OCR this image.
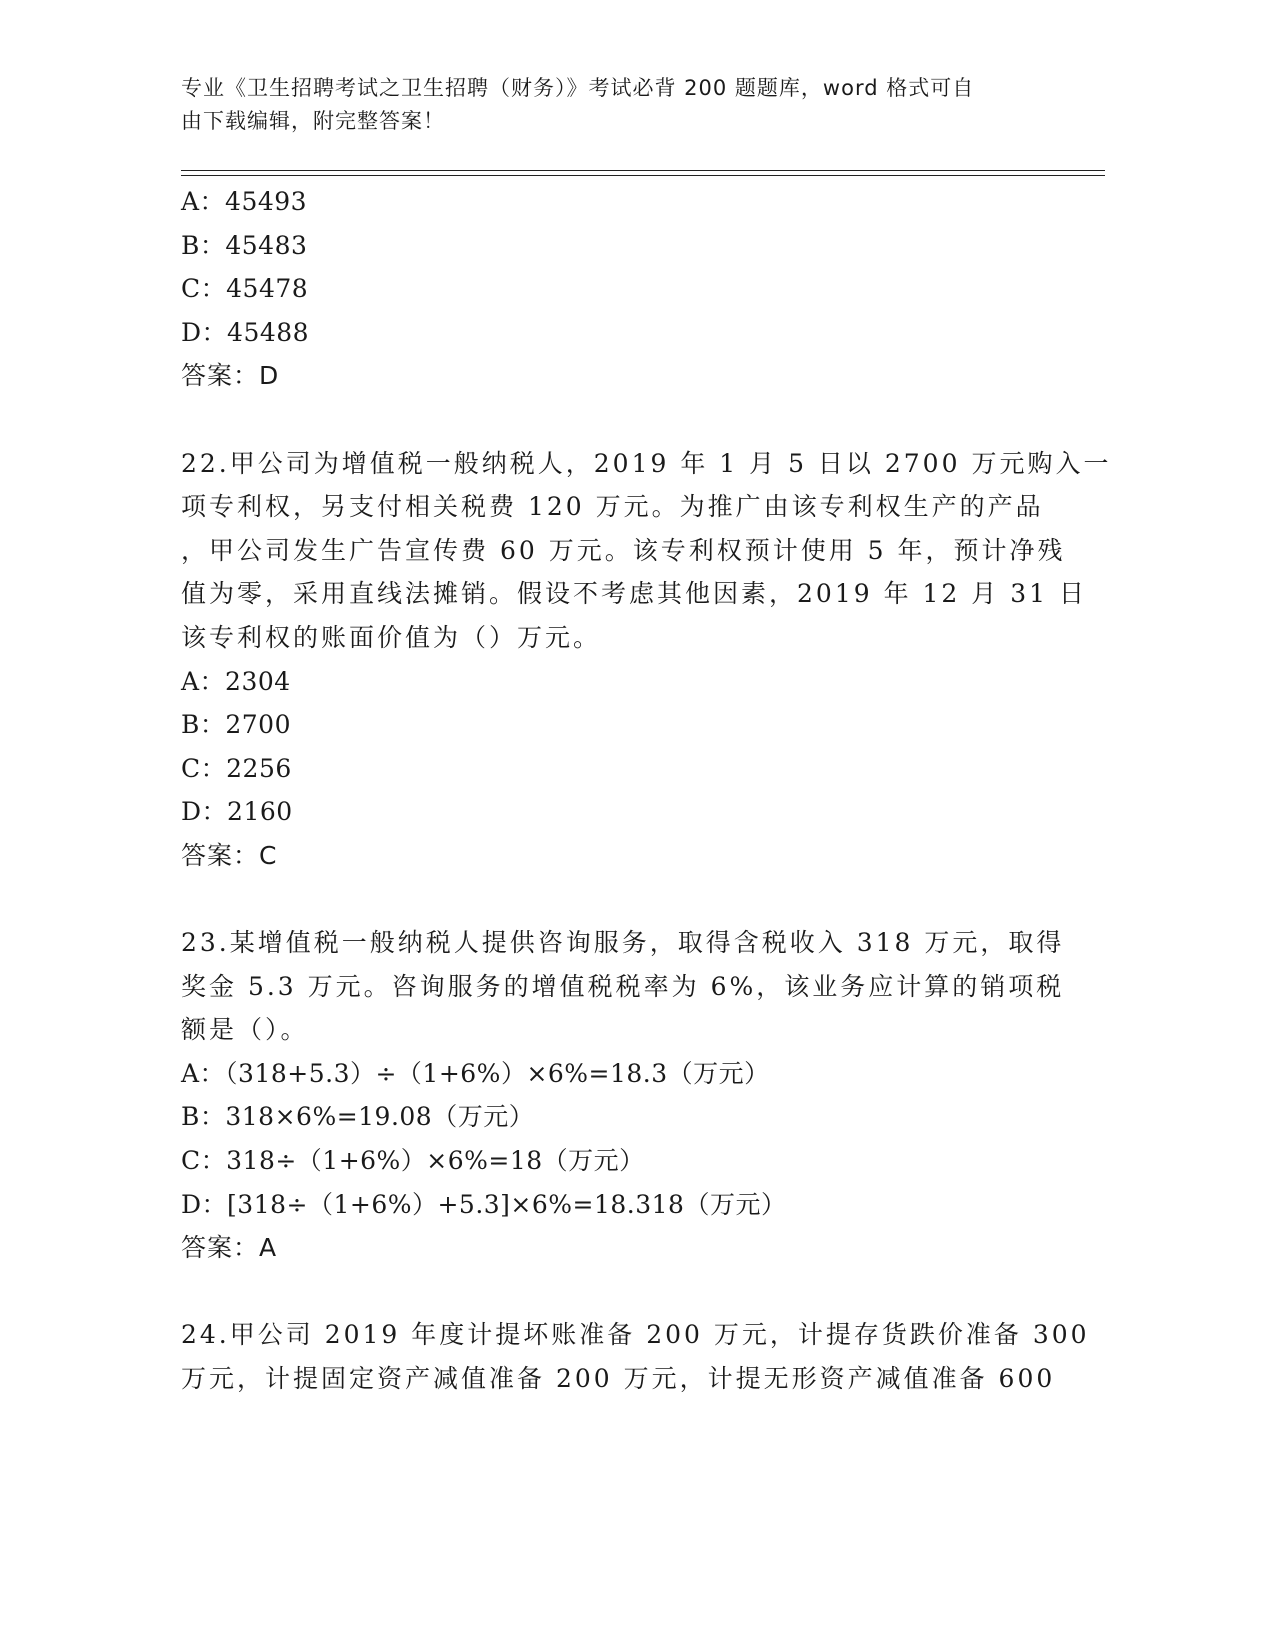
专业《卫生招聘考试之卫生招聘（财务）》考试必背 200 题题库，word 格式可自
由下载编辑，附完整答案！
A：45493
B：45483
C：45478
D：45488
答案：D
22.甲公司为增值税一般纳税人，2019 年 1 月 5 日以 2700 万元购入一
项专利权，另支付相关税费 120 万元。为推广由该专利权生产的产品
，甲公司发生广告宣传费 60 万元。该专利权预计使用 5 年，预计净残
值为零，采用直线法摊销。假设不考虑其他因素，2019 年 12 月 31 日
该专利权的账面价值为（）万元。
A：2304
B：2700
C：2256
D：2160
答案：C
23.某增值税一般纳税人提供咨询服务，取得含税收入 318 万元，取得
奖金 5.3 万元。咨询服务的增值税税率为 6%，该业务应计算的销项税
额是（）。
A：（318+5.3）÷（1+6%）×6%=18.3（万元）
B：318×6%=19.08（万元）
C：318÷（1+6%）×6%=18（万元）
D：[318÷（1+6%）+5.3]×6%=18.318（万元）
答案：A
24.甲公司 2019 年度计提坏账准备 200 万元，计提存货跌价准备 300
万元，计提固定资产减值准备 200 万元，计提无形资产减值准备 600
